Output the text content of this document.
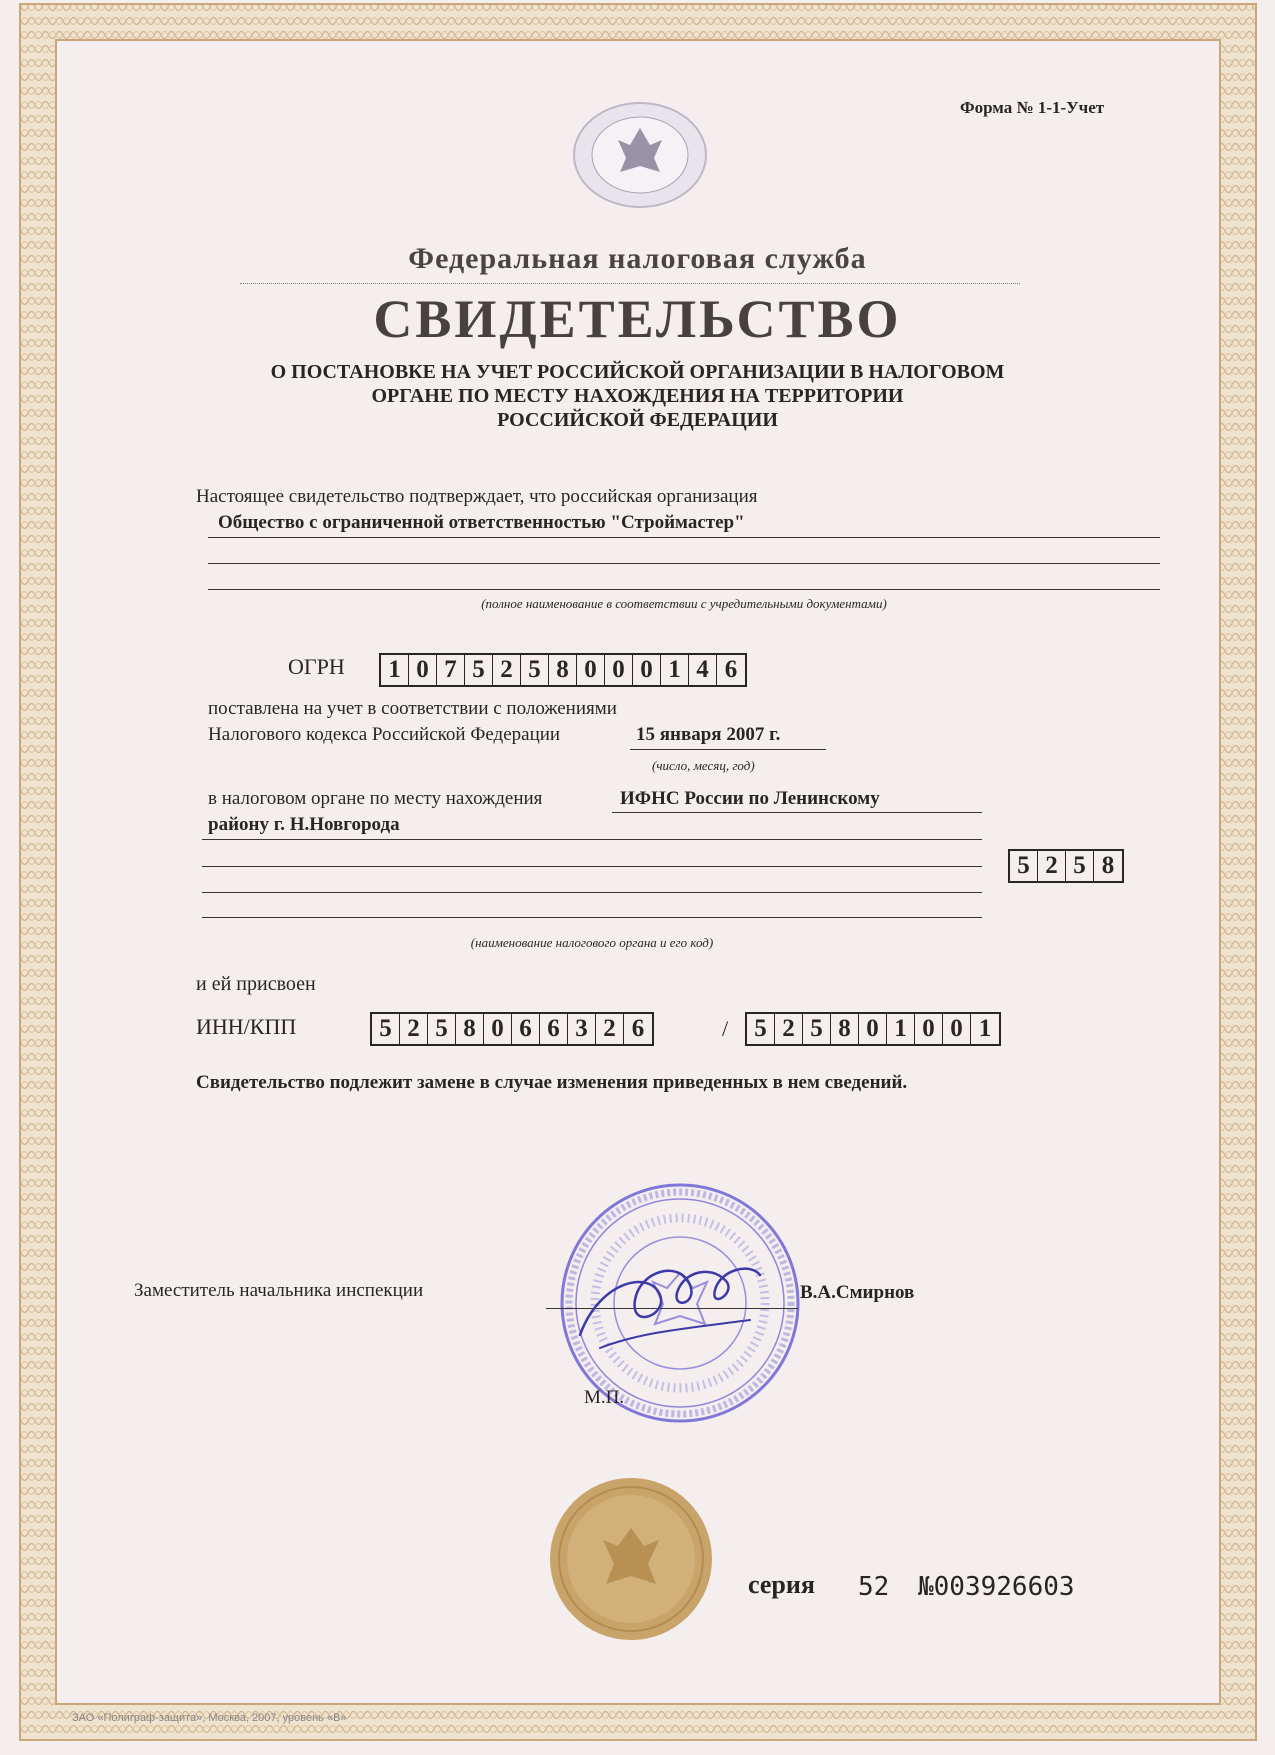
Форма № 1-1-Учет
Федеральная налоговая служба
СВИДЕТЕЛЬСТВО
О ПОСТАНОВКЕ НА УЧЕТ РОССИЙСКОЙ ОРГАНИЗАЦИИ В НАЛОГОВОМ
ОРГАНЕ ПО МЕСТУ НАХОЖДЕНИЯ НА ТЕРРИТОРИИ
РОССИЙСКОЙ ФЕДЕРАЦИИ
Настоящее свидетельство подтверждает, что российская организация
Общество с ограниченной ответственностью "Строймастер"
(полное наименование в соответствии с учредительными документами)
ОГРН 1 0 7 5 2 5 8 0 0 0 1 4 6
поставлена на учет в соответствии с положениями
Налогового кодекса Российской Федерации	15 января 2007 г.
(число, месяц, год)
в налоговом органе по месту нахождения	ИФНС России по Ленинскому
району г. Н.Новгорода
5 2 5 8
(наименование налогового органа и его код)
и ей присвоен
ИНН/КПП	5 2 5 8 0 6 6 3 2 6	/ 5 2 5 8 0 1 0 0 1
Свидетельство подлежит замене в случае изменения приведенных в нем сведений.
Заместитель начальника инспекции	В.А.Смирнов
М.П.
серия 52 №003926603
ЗАО «Полиграф-защита», Москва, 2007, уровень «В»
